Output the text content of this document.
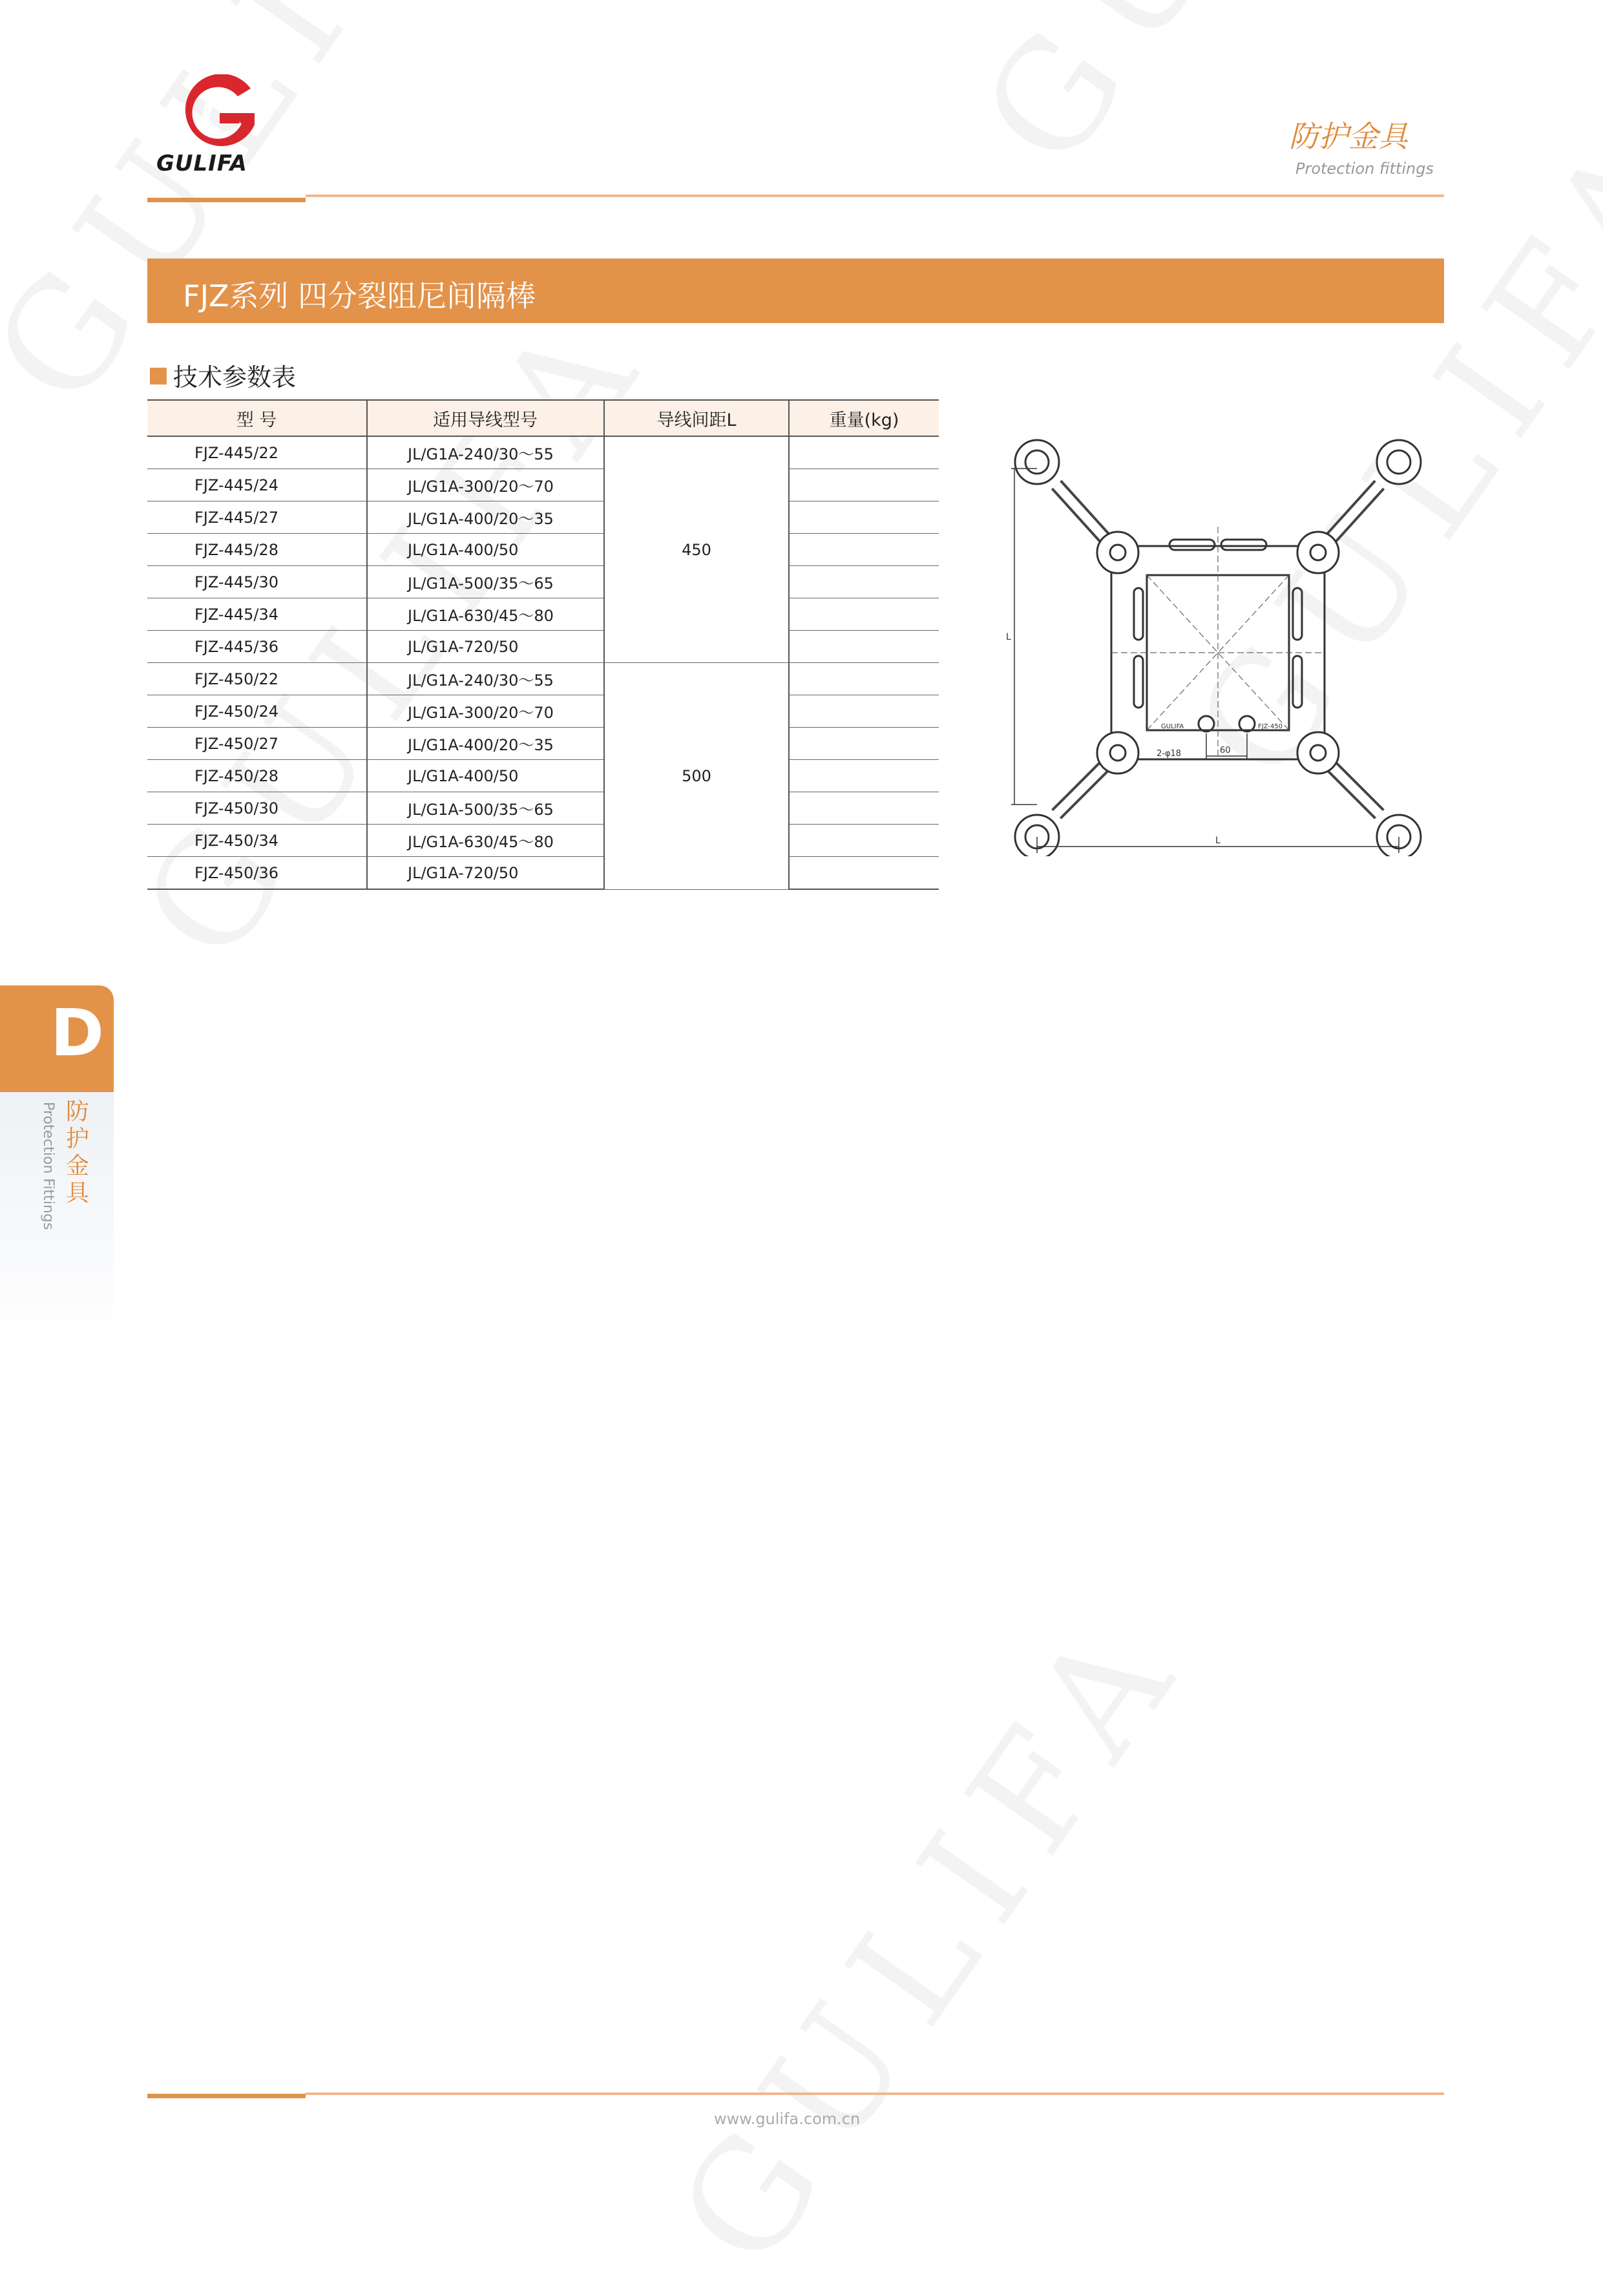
GULIFA
防护金具
Protection fittings
FJZ系列 四分裂阻尼间隔棒
技术参数表
型 号	适用导线型号	导线间距L	重量(kg)
FJZ-445/22	JL/G1A-240/30～55	450	
FJZ-445/24	JL/G1A-300/20～70		
FJZ-445/27	JL/G1A-400/20～35		
FJZ-445/28	JL/G1A-400/50		
FJZ-445/30	JL/G1A-500/35～65		
FJZ-445/34	JL/G1A-630/45～80		
FJZ-445/36	JL/G1A-720/50		
FJZ-450/22	JL/G1A-240/30～55	500	
FJZ-450/24	JL/G1A-300/20～70		
FJZ-450/27	JL/G1A-400/20～35		
FJZ-450/28	JL/G1A-400/50		
FJZ-450/30	JL/G1A-500/35～65		
FJZ-450/34	JL/G1A-630/45～80		
FJZ-450/36	JL/G1A-720/50		
L
L
60
2-φ18
GULIFA	FJZ-450
D
防护金具
Protection Fittings
www.gulifa.com.cn
